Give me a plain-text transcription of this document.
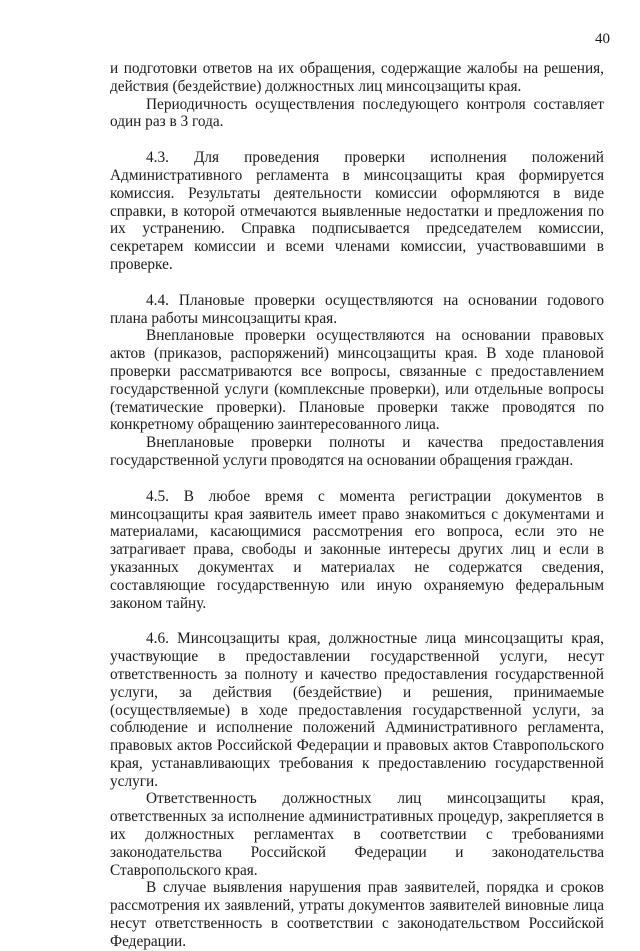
40

и подготовки ответов на их обращения, содержащие жалобы на решения, действия (бездействие) должностных лиц минсоцзащиты края.

Периодичность осуществления последующего контроля составляет один раз в 3 года.

4.3. Для проведения проверки исполнения положений Административного регламента в минсоцзащиты края формируется комиссия. Результаты деятельности комиссии оформляются в виде справки, в которой отмечаются выявленные недостатки и предложения по их устранению. Справка подписывается председателем комиссии, секретарем комиссии и всеми членами комиссии, участвовавшими в проверке.

4.4. Плановые проверки осуществляются на основании годового плана работы минсоцзащиты края.

Внеплановые проверки осуществляются на основании правовых актов (приказов, распоряжений) минсоцзащиты края. В ходе плановой проверки рассматриваются все вопросы, связанные с предоставлением государственной услуги (комплексные проверки), или отдельные вопросы (тематические проверки). Плановые проверки также проводятся по конкретному обращению заинтересованного лица.

Внеплановые проверки полноты и качества предоставления государственной услуги проводятся на основании обращения граждан.

4.5. В любое время с момента регистрации документов в минсоцзащиты края заявитель имеет право знакомиться с документами и материалами, касающимися рассмотрения его вопроса, если это не затрагивает права, свободы и законные интересы других лиц и если в указанных документах и материалах не содержатся сведения, составляющие государственную или иную охраняемую федеральным законом тайну.

4.6. Минсоцзащиты края, должностные лица минсоцзащиты края, участвующие в предоставлении государственной услуги, несут ответственность за полноту и качество предоставления государственной услуги, за действия (бездействие) и решения, принимаемые (осуществляемые) в ходе предоставления государственной услуги, за соблюдение и исполнение положений Административного регламента, правовых актов Российской Федерации и правовых актов Ставропольского края, устанавливающих требования к предоставлению государственной услуги.

Ответственность должностных лиц минсоцзащиты края, ответственных за исполнение административных процедур, закрепляется в их должностных регламентах в соответствии с требованиями законодательства Российской Федерации и законодательства Ставропольского края.

В случае выявления нарушения прав заявителей, порядка и сроков рассмотрения их заявлений, утраты документов заявителей виновные лица несут ответственность в соответствии с законодательством Российской Федерации.
